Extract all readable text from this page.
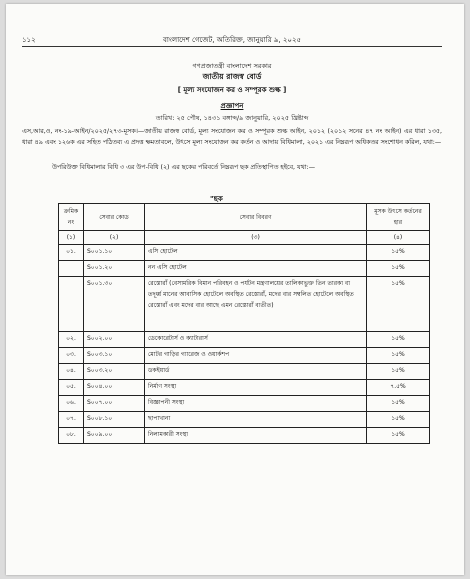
১১২	বাংলাদেশ গেজেট, অতিরিক্ত, জানুয়ারি ৯, ২০২৫
গণপ্রজাতন্ত্রী বাংলাদেশ সরকার
জাতীয় রাজস্ব বোর্ড
[ মূল্য সংযোজন কর ও সম্পূরক শুল্ক ]
প্রজ্ঞাপন
তারিখ: ২৫ পৌষ, ১৪৩১ বঙ্গাব্দ/৯ জানুয়ারি, ২০২৫ খ্রিষ্টাব্দ
এস,আর,ও, নং-১৯-আইন/২০২৫/২৭৩-মূসক।—জাতীয় রাজস্ব বোর্ড, মূল্য সংযোজন কর ও সম্পূরক শুল্ক আইন, ২০১২ (২০১২ সনের ৪৭ নং আইন) এর ধারা ১৩৫, ধারা ৪৯ এবং ১২৬ক এর সহিত পঠিতব্য এ প্রদত্ত ক্ষমতাবলে, উৎসে মূল্য সংযোজন কর কর্তন ও আদায় বিধিমালা, ২০২১ এর নিম্নরূপ অধিকতর সংশোধন করিল, যথা:—
উপরিউক্ত বিধিমালার বিধি ৩ এর উপ-বিধি (২) এর ছকের পরিবর্তে নিম্নরূপ ছক প্রতিস্থাপিত হইবে, যথা:—
"ছক
ক্রমিক নং	সেবার কোড	সেবার বিবরণ	মূসক উৎসে কর্তনের হার
(১)	(২)	(৩)	(৪)
০১.	S০০১.১০	এসি হোটেল	১৫%
	S০০১.২০	নন এসি হোটেল	১৫%
	S০০১.৩০	রেস্তোরাঁ (বেসামরিক বিমান পরিবহন ও পর্যটন মন্ত্রণালয়ের তালিকাভুক্ত তিন তারকা বা তদূর্ধ্ব মানের আবাসিক হোটেলে অবস্থিত রেস্তোরাঁ, মদের বার সম্বলিত হোটেলে অবস্থিত রেস্তোরাঁ এবং মদের বার আছে এমন রেস্তোরাঁ ব্যতীত)	১৫%
০২.	S০০২.০০	ডেকোরেটার্স ও ক্যাটারার্স	১৫%
০৩.	S০০৩.১০	মোটর গাড়ির গ্যারেজ ও ওয়ার্কশপ	১৫%
০৪.	S০০৩.২০	ডকইয়ার্ড	১৫%
০৫.	S০০৪.০০	নির্মাণ সংস্থা	৭.৫%
০৬.	S০০৭.০০	বিজ্ঞাপনী সংস্থা	১৫%
০৭.	S০০৮.১০	ছাপাখানা	১৫%
০৮.	S০০৯.০০	নিলামকারী সংস্থা	১৫%
